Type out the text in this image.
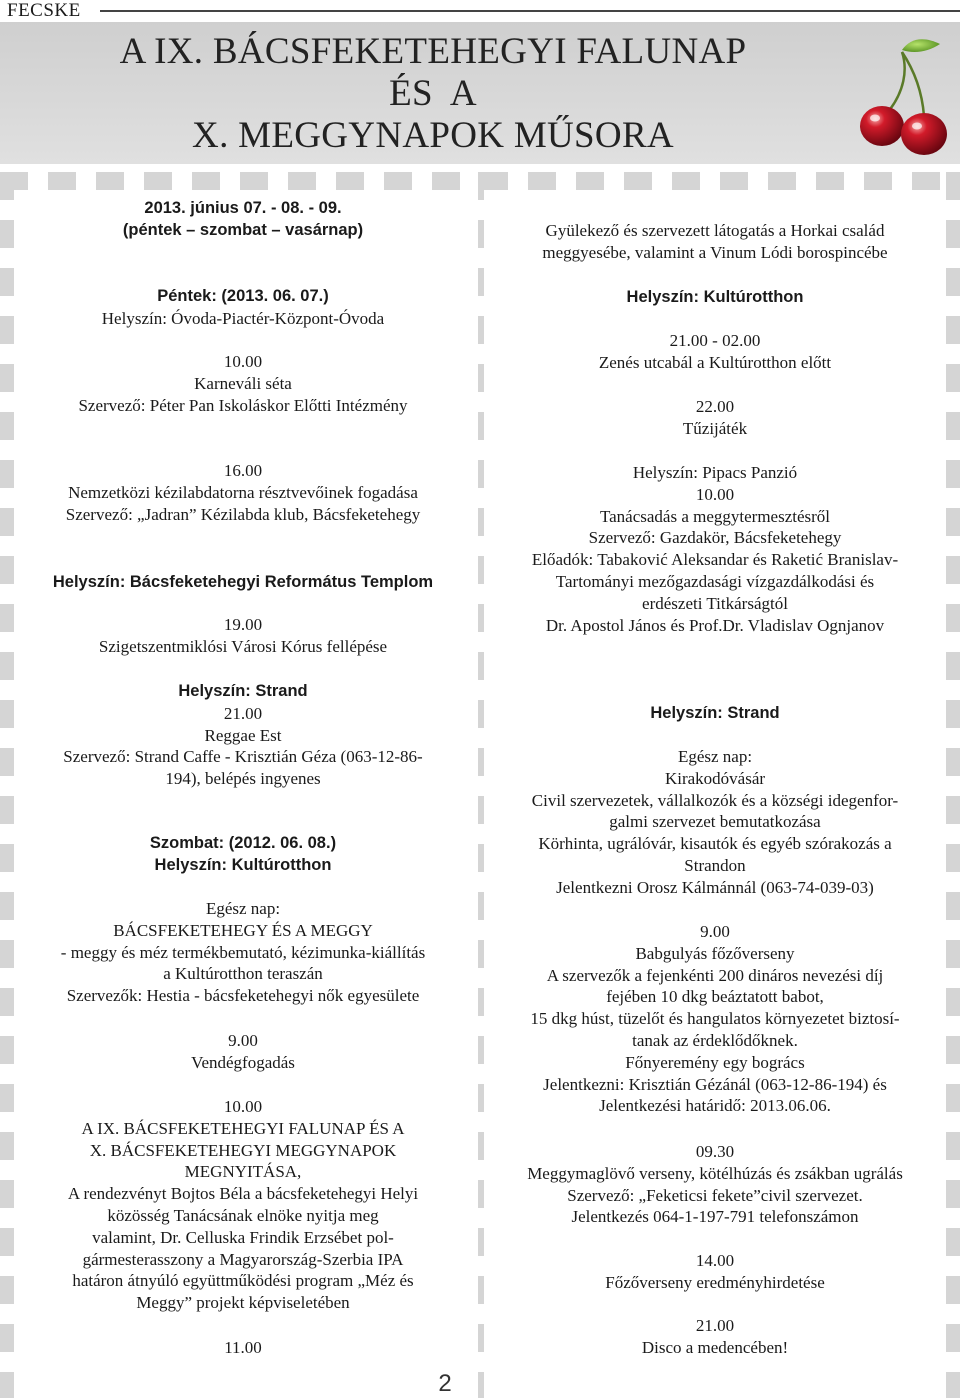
FECSKE
A IX. BÁCSFEKETEHEGYI FALUNAP
ÉS  A
X. MEGGYNAPOK MŰSORA
2013. június 07. - 08. - 09.
(péntek – szombat – vasárnap)
Péntek: (2013. 06. 07.)
Helyszín: Óvoda-Piactér-Központ-Óvoda
10.00
Karneváli séta
Szervező: Péter Pan Iskoláskor Előtti Intézmény
16.00
Nemzetközi kézilabdatorna résztvevőinek fogadása
Szervező: „Jadran” Kézilabda klub, Bácsfeketehegy
Helyszín: Bácsfeketehegyi Református Templom
19.00
Szigetszentmiklósi Városi Kórus fellépése
Helyszín: Strand
21.00
Reggae Est
Szervező: Strand Caffe - Krisztián Géza (063-12-86-
194), belépés ingyenes
Szombat: (2012. 06. 08.)
Helyszín: Kultúrotthon
Egész nap:
BÁCSFEKETEHEGY ÉS A MEGGY
- meggy és méz termékbemutató, kézimunka-kiállítás
a Kultúrotthon teraszán
Szervezők: Hestia - bácsfeketehegyi nők egyesülete
9.00
Vendégfogadás
10.00
A IX. BÁCSFEKETEHEGYI FALUNAP ÉS A
X. BÁCSFEKETEHEGYI MEGGYNAPOK
MEGNYITÁSA,
A rendezvényt Bojtos Béla a bácsfeketehegyi Helyi
közösség Tanácsának elnöke nyitja meg
valamint, Dr. Celluska Frindik Erzsébet pol-
gármesterasszony a Magyarország-Szerbia IPA
határon átnyúló együttműködési program „Méz és
Meggy” projekt képviseletében
11.00
Gyülekező és szervezett látogatás a Horkai család
meggyesébe, valamint a Vinum Lódi borospincébe
Helyszín: Kultúrotthon
21.00 - 02.00
Zenés utcabál a Kultúrotthon előtt
22.00
Tűzijáték
Helyszín: Pipacs Panzió
10.00
Tanácsadás a meggytermesztésről
Szervező: Gazdakör, Bácsfeketehegy
Előadók: Tabaković Aleksandar és Raketić Branislav-
Tartományi mezőgazdasági vízgazdálkodási és
erdészeti Titkárságtól
Dr. Apostol János és Prof.Dr. Vladislav Ognjanov
Helyszín: Strand
Egész nap:
Kirakodóvásár
Civil szervezetek, vállalkozók és a községi idegenfor-
galmi szervezet bemutatkozása
Körhinta, ugrálóvár, kisautók és egyéb szórakozás a
Strandon
Jelentkezni Orosz Kálmánnál (063-74-039-03)
9.00
Babgulyás főzőverseny
A szervezők a fejenkénti 200 dináros nevezési díj
fejében 10 dkg beáztatott babot,
15 dkg húst, tüzelőt és hangulatos környezetet biztosí-
tanak az érdeklődőknek.
Főnyeremény egy bogrács
Jelentkezni: Krisztián Gézánál (063-12-86-194) és
Jelentkezési határidő: 2013.06.06.
09.30
Meggymaglövő verseny, kötélhúzás és zsákban ugrálás
Szervező: „Feketicsi fekete”civil szervezet.
Jelentkezés 064-1-197-791 telefonszámon
14.00
Főzőverseny eredményhirdetése
21.00
Disco a medencében!
2
